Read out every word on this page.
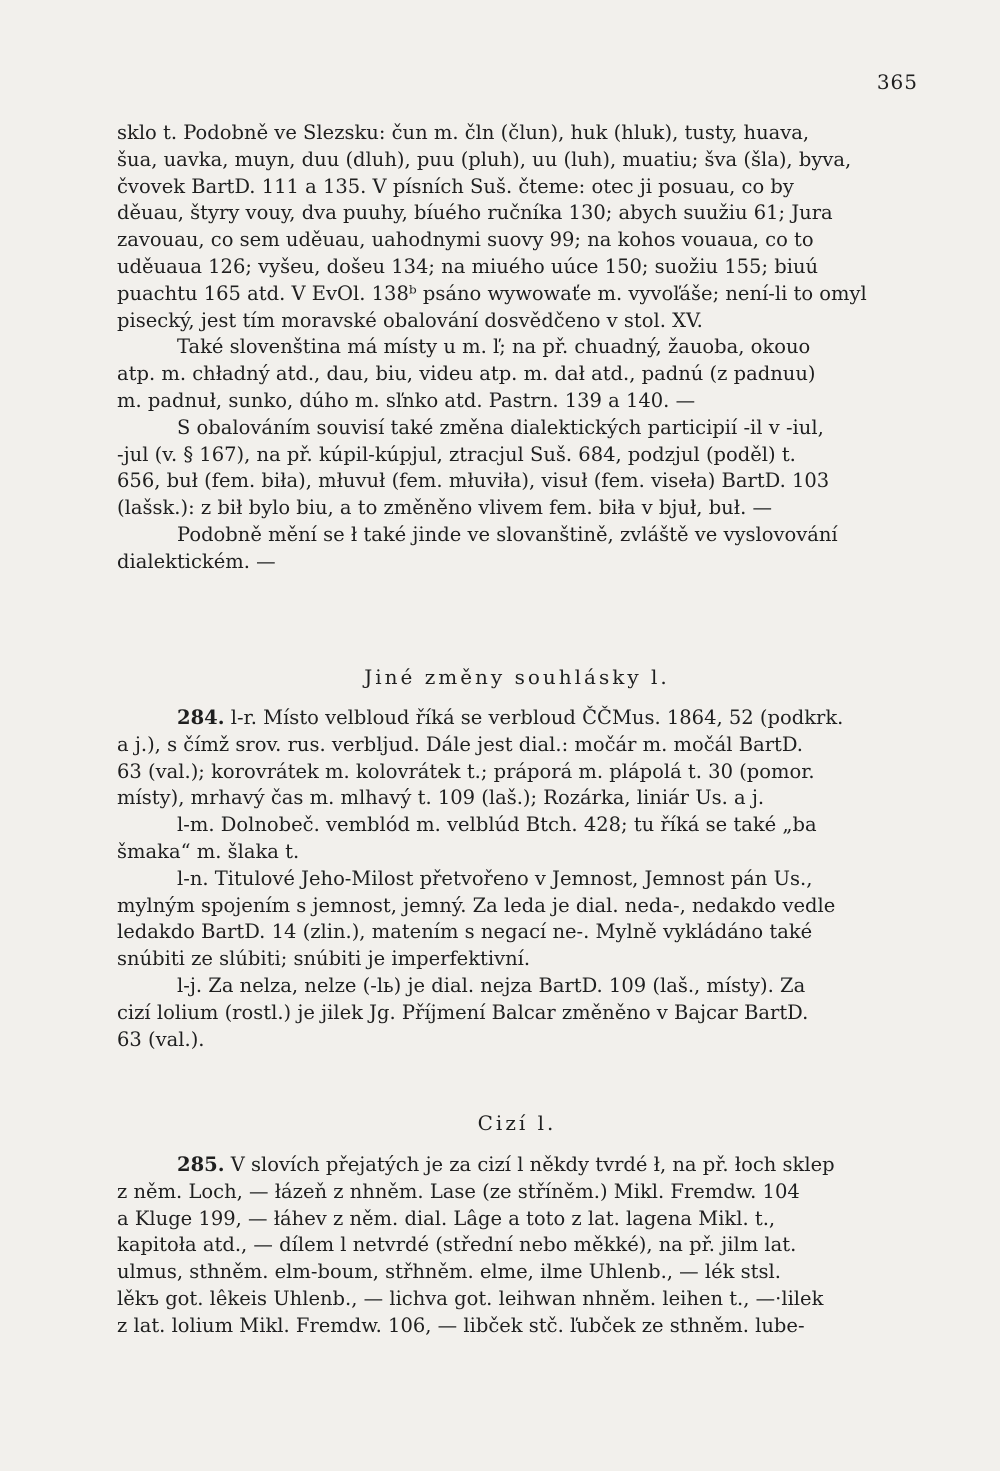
365

sklo t. Podobně ve Slezsku: čun m. čln (člun), huk (hluk), tusty, huava,
šua, uavka, muyn, duu (dluh), puu (pluh), uu (luh), muatiu; šva (šla), byva,
čvovek BartD. 111 a 135. V písních Suš. čteme: otec ji posuau, co by
děuau, štyry vouy, dva puuhy, bíuého ručníka 130; abych suužiu 61; Jura
zavouau, co sem uděuau, uahodnymi suovy 99; na kohos vouaua, co to
uděuaua 126; vyšeu, došeu 134; na miuého uúce 150; suožiu 155; biuú
puachtu 165 atd. V EvOl. 138ᵇ psáno wywowaťe m. vyvoľáše; není-li to omyl
pisecký, jest tím moravské obalování dosvědčeno v stol. XV.

Také slovenština má místy u m. ľ; na př. chuadný, žauoba, okouo
atp. m. chładný atd., dau, biu, videu atp. m. dał atd., padnú (z padnuu)
m. padnuł, sunko, dúho m. sľnko atd. Pastrn. 139 a 140. —

S obalováním souvisí také změna dialektických participií -il v -iul,
-jul (v. § 167), na př. kúpil-kúpjul, ztracjul Suš. 684, podzjul (poděl) t.
656, buł (fem. biła), młuvuł (fem. młuviła), visuł (fem. viseła) BartD. 103
(lašsk.): z bił bylo biu, a to změněno vlivem fem. biła v bjuł, buł. —

Podobně mění se ł také jinde ve slovanštině, zvláště ve vyslovování
dialektickém. —

Jiné změny souhlásky l.

284. l-r. Místo velbloud říká se verbloud ČČMus. 1864, 52 (podkrk.
a j.), s čímž srov. rus. verbljud. Dále jest dial.: močár m. močál BartD.
63 (val.); korovrátek m. kolovrátek t.; práporá m. plápolá t. 30 (pomor.
místy), mrhavý čas m. mlhavý t. 109 (laš.); Rozárka, liniár Us. a j.

l-m. Dolnobeč. vemblód m. velblúd Btch. 428; tu říká se také „ba
šmaka“ m. šlaka t.

l-n. Titulové Jeho-Milost přetvořeno v Jemnost, Jemnost pán Us.,
mylným spojením s jemnost, jemný. Za leda je dial. neda-, nedakdo vedle
ledakdo BartD. 14 (zlin.), matením s negací ne-. Mylně vykládáno také
snúbiti ze slúbiti; snúbiti je imperfektivní.

l-j. Za nelza, nelze (-lь) je dial. nejza BartD. 109 (laš., místy). Za
cizí lolium (rostl.) je jilek Jg. Příjmení Balcar změněno v Bajcar BartD.
63 (val.).

Cizí l.

285. V slovích přejatých je za cizí l někdy tvrdé ł, na př. łoch sklep
z něm. Loch, — łázeň z nhněm. Lase (ze stříněm.) Mikl. Fremdw. 104
a Kluge 199, — łáhev z něm. dial. Lâge a toto z lat. lagena Mikl. t.,
kapitoła atd., — dílem l netvrdé (střední nebo měkké), na př. jilm lat.
ulmus, sthněm. elm-boum, střhněm. elme, ilme Uhlenb., — lék stsl.
lěkъ got. lêkeis Uhlenb., — lichva got. leihwan nhněm. leihen t., —·lilek
z lat. lolium Mikl. Fremdw. 106, — libček stč. ľubček ze sthněm. lube-
